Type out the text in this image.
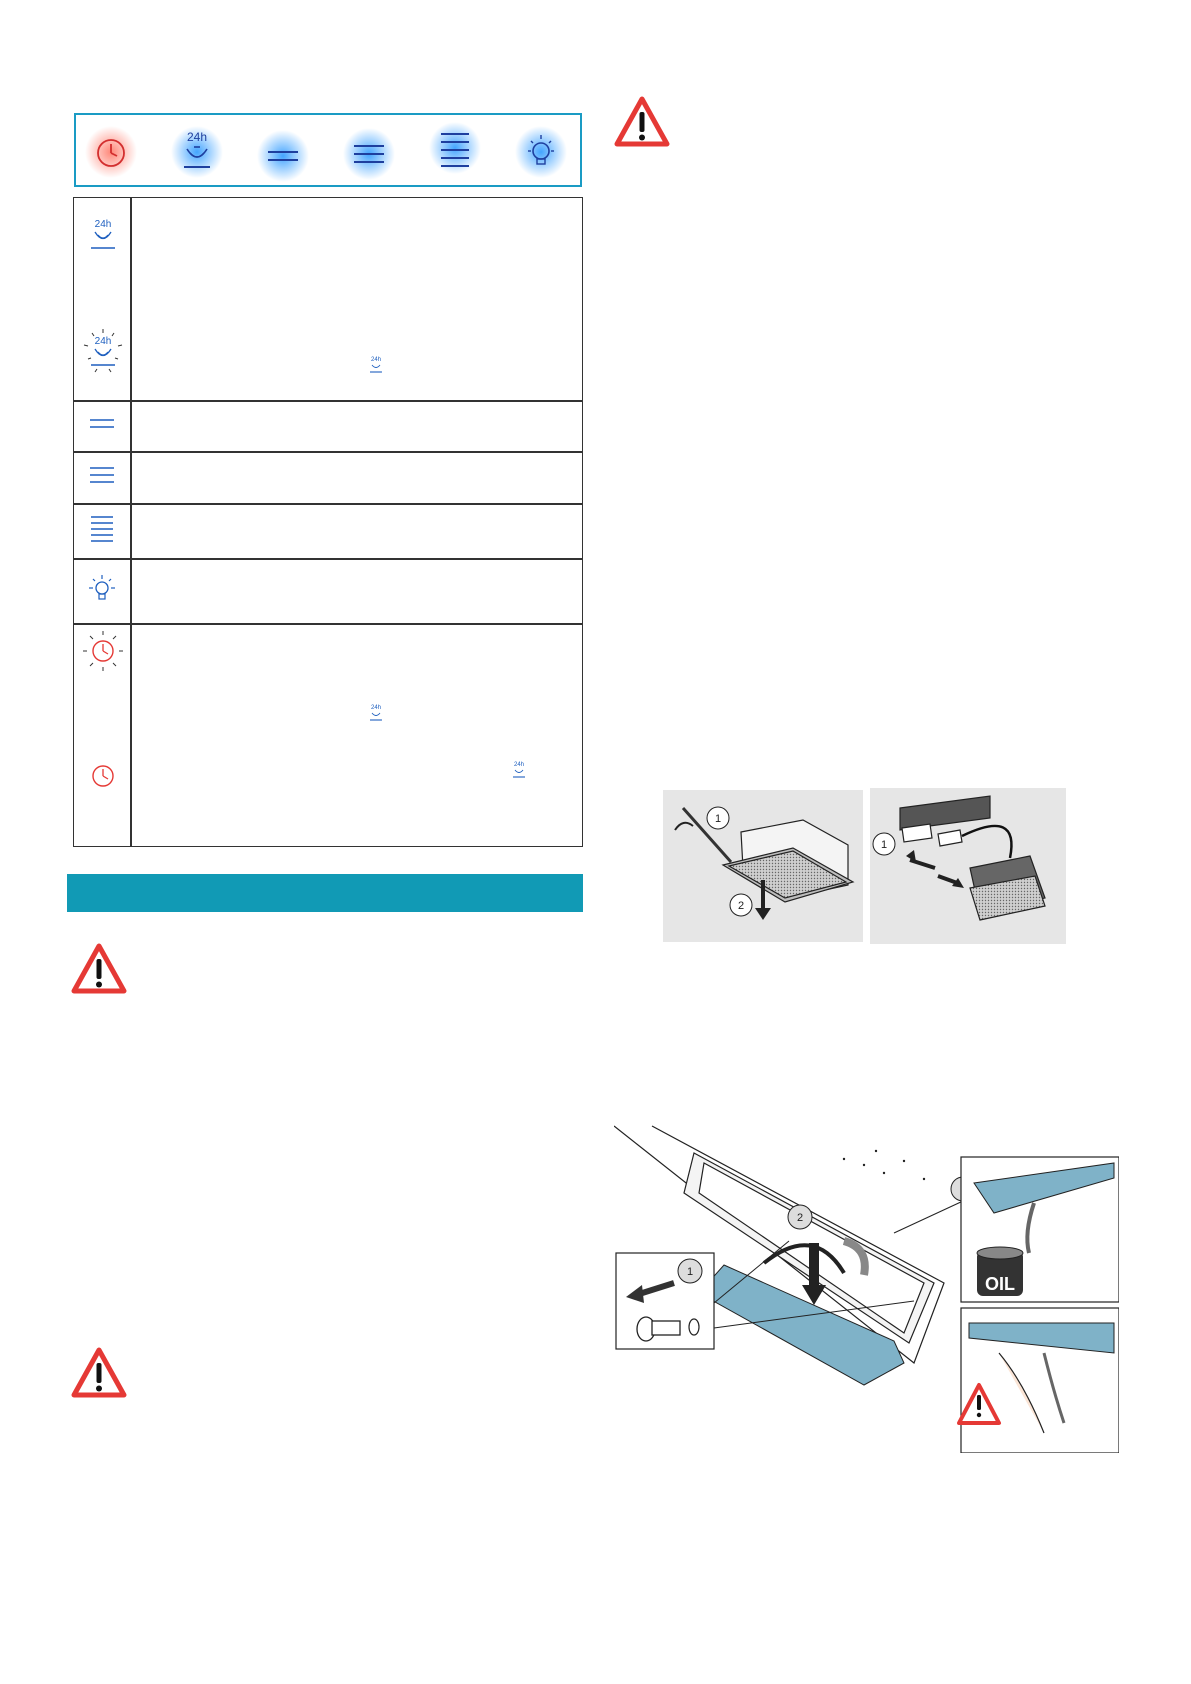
24h
24h
24h
24h
24h
24h
1
2
1
1
2
OIL
